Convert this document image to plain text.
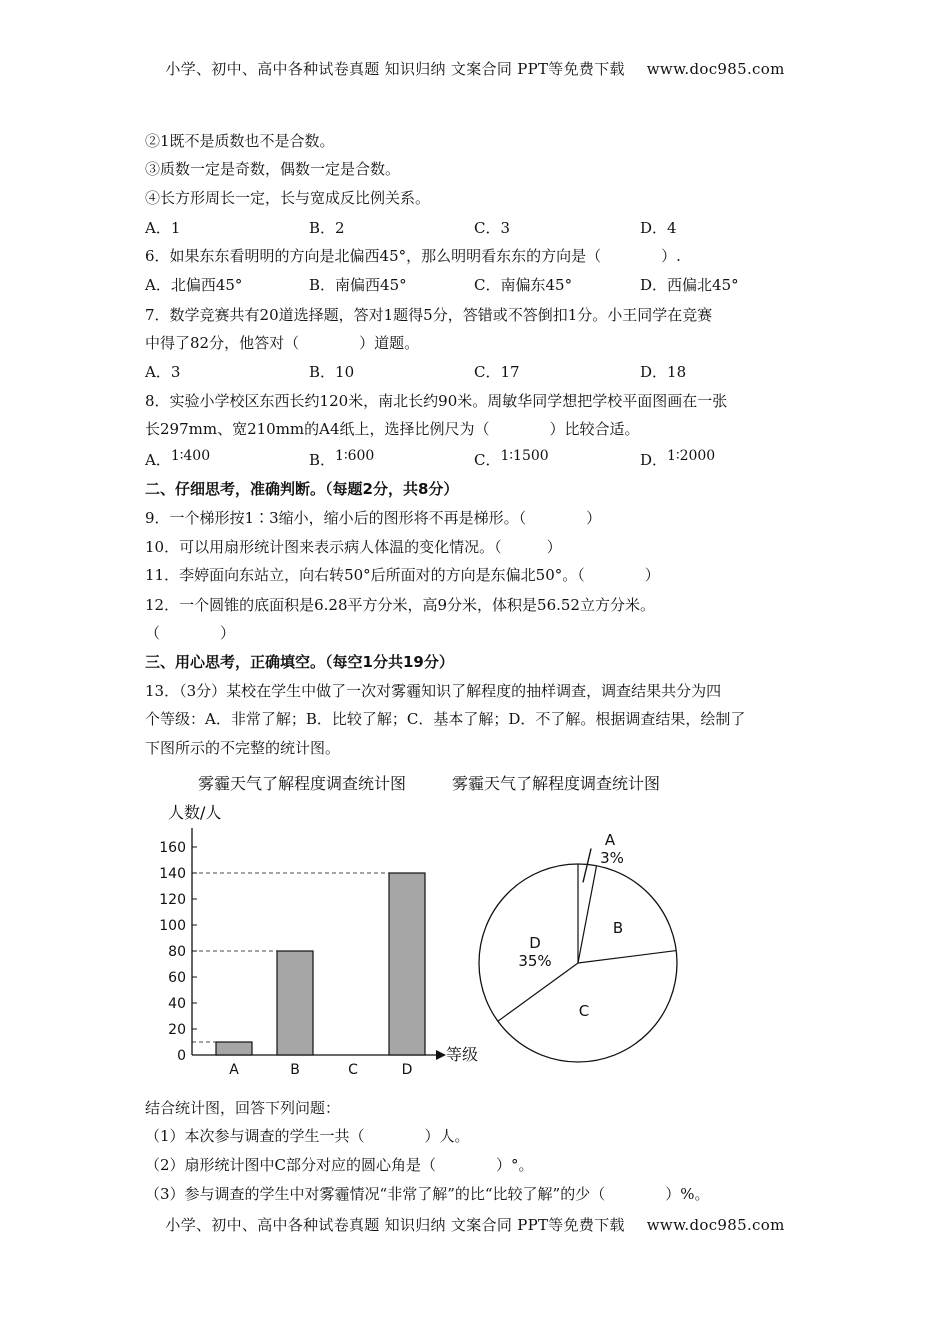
小学、初中、高中各种试卷真题 知识归纳 文案合同 PPT等免费下载 www.doc985.com
②1既不是质数也不是合数。
③质数一定是奇数，偶数一定是合数。
④长方形周长一定，长与宽成反比例关系。
A．1	B．2	C．3	D．4
6．如果东东看明明的方向是北偏西45°，那么明明看东东的方向是（　　　　）.
A．北偏西45°	B．南偏西45°	C．南偏东45°	D．西偏北45°
7．数学竞赛共有20道选择题，答对1题得5分，答错或不答倒扣1分。小王同学在竞赛
中得了82分，他答对（　　　　）道题。
A．3	B．10	C．17	D．18
8．实验小学校区东西长约120米，南北长约90米。周敏华同学想把学校平面图画在一张
长297mm、宽210mm的A4纸上，选择比例尺为（　　　　）比较合适。
A．1∶400	B．1∶600	C．1∶1500	D．1∶2000
二、仔细思考，准确判断。（每题2分，共8分）
9．一个梯形按1∶3缩小，缩小后的图形将不再是梯形。（　　　　）
10．可以用扇形统计图来表示病人体温的变化情况。（　　　）
11．李婷面向东站立，向右转50°后所面对的方向是东偏北50°。（　　　　）
12．一个圆锥的底面积是6.28平方分米，高9分米，体积是56.52立方分米。
（　　　　）
三、用心思考，正确填空。（每空1分共19分）
13．（3分）某校在学生中做了一次对雾霾知识了解程度的抽样调查，调查结果共分为四
个等级：A．非常了解；B．比较了解；C．基本了解；D．不了解。根据调查结果，绘制了
下图所示的不完整的统计图。
雾霾天气了解程度调查统计图	雾霾天气了解程度调查统计图
人数/人
等级
0
20
40
60
80
100
120
140
160
A	B	C	D
A
3%
B
C
D
35%
结合统计图，回答下列问题：
（1）本次参与调查的学生一共（　　　　）人。
（2）扇形统计图中C部分对应的圆心角是（　　　　）°。
（3）参与调查的学生中对雾霾情况“非常了解”的比“比较了解”的少（　　　　）%。
小学、初中、高中各种试卷真题 知识归纳 文案合同 PPT等免费下载 www.doc985.com
